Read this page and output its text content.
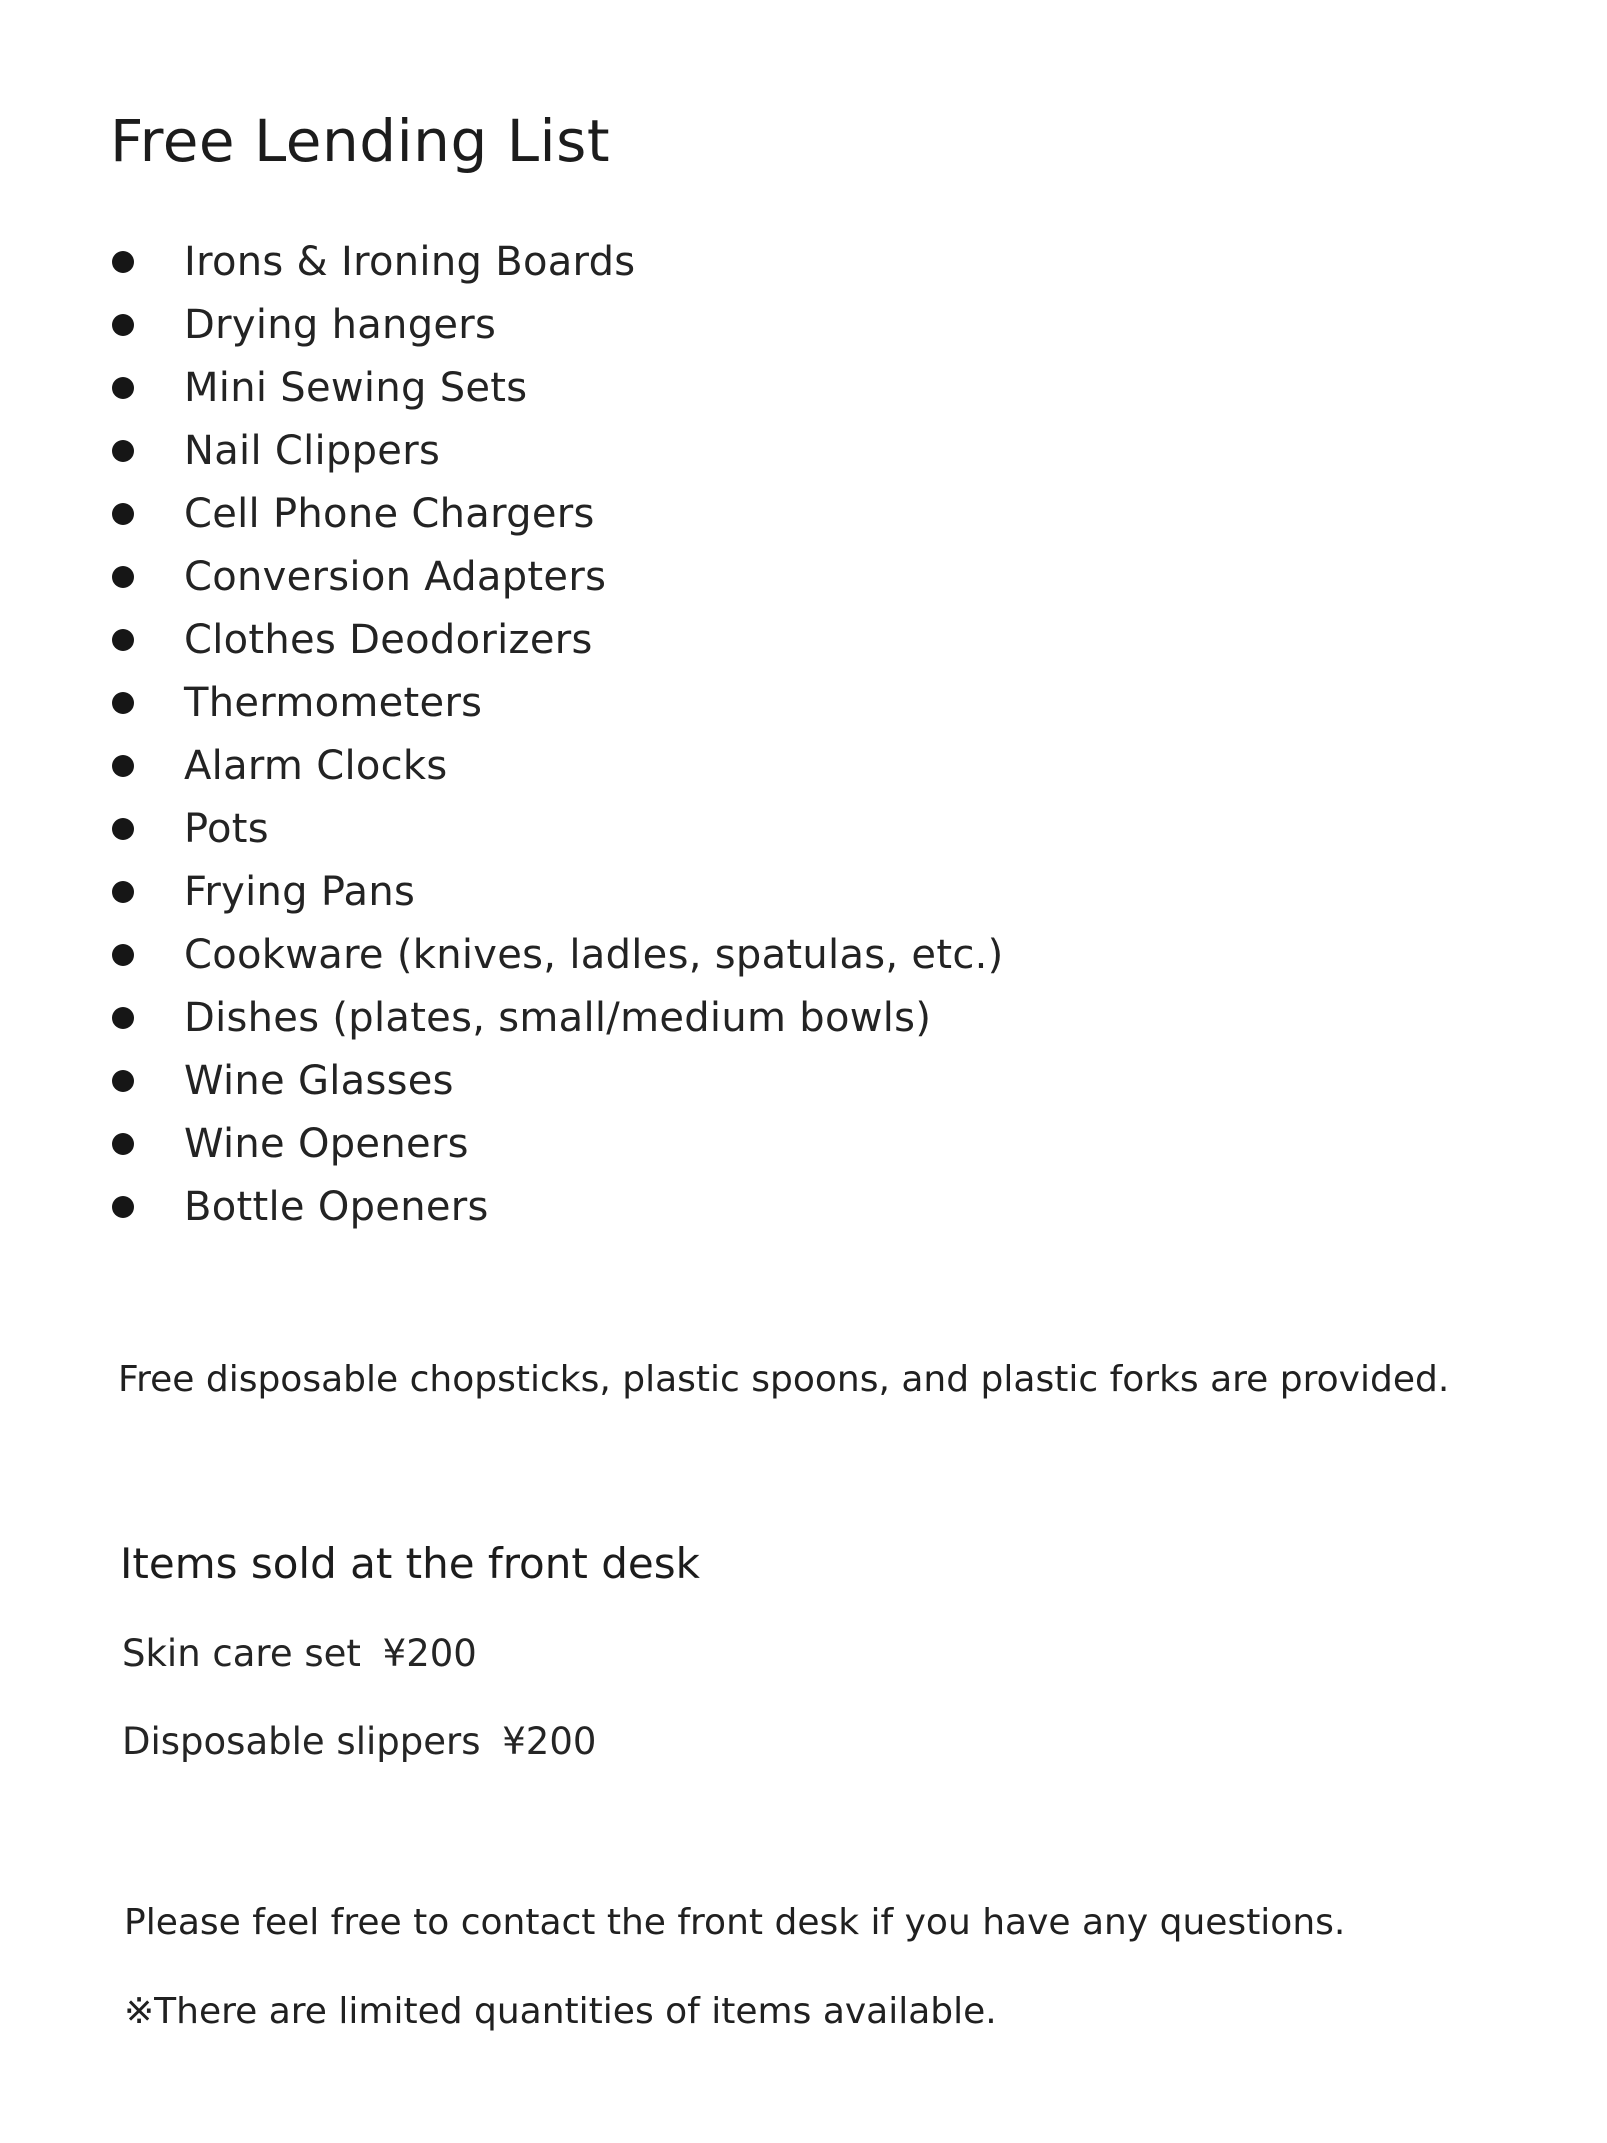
Free Lending List
Irons & Ironing Boards
Drying hangers
Mini Sewing Sets
Nail Clippers
Cell Phone Chargers
Conversion Adapters
Clothes Deodorizers
Thermometers
Alarm Clocks
Pots
Frying Pans
Cookware (knives, ladles, spatulas, etc.)
Dishes (plates, small/medium bowls)
Wine Glasses
Wine Openers
Bottle Openers

Free disposable chopsticks, plastic spoons, and plastic forks are provided.

Items sold at the front desk
Skin care set ¥200
Disposable slippers ¥200

Please feel free to contact the front desk if you have any questions.

※There are limited quantities of items available.
